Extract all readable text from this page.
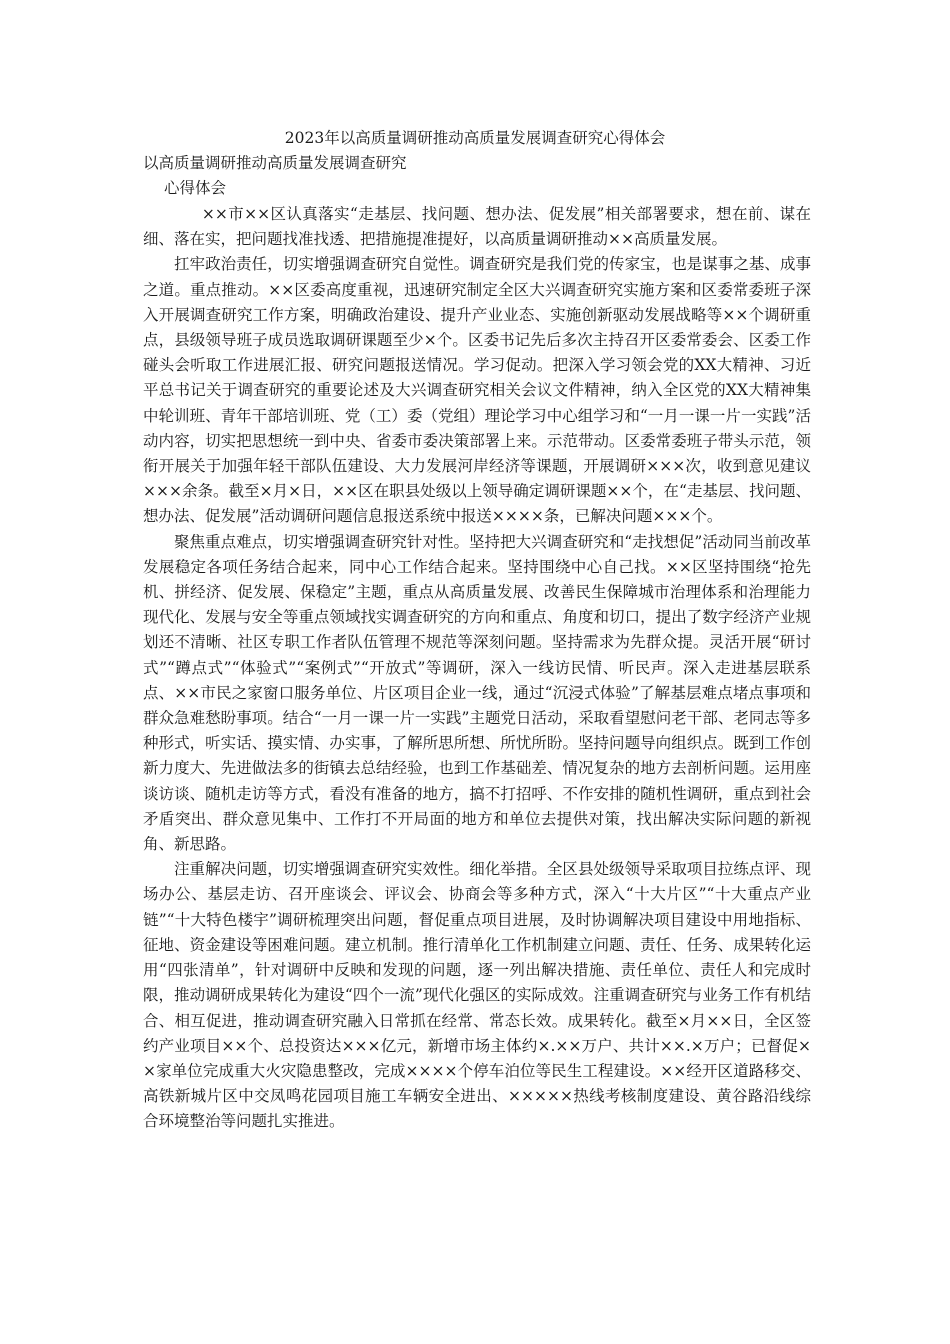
2023年以高质量调研推动高质量发展调查研究心得体会
以高质量调研推动高质量发展调查研究
心得体会

××市××区认真落实“走基层、找问题、想办法、促发展”相关部署要求，想在前、谋在细、落在实，把问题找准找透、把措施提准提好，以高质量调研推动××高质量发展。

扛牢政治责任，切实增强调查研究自觉性。调查研究是我们党的传家宝，也是谋事之基、成事之道。重点推动。××区委高度重视，迅速研究制定全区大兴调查研究实施方案和区委常委班子深入开展调查研究工作方案，明确政治建设、提升产业业态、实施创新驱动发展战略等××个调研重点，县级领导班子成员选取调研课题至少×个。区委书记先后多次主持召开区委常委会、区委工作碰头会听取工作进展汇报、研究问题报送情况。学习促动。把深入学习领会党的XX大精神、习近平总书记关于调查研究的重要论述及大兴调查研究相关会议文件精神，纳入全区党的XX大精神集中轮训班、青年干部培训班、党（工）委（党组）理论学习中心组学习和“一月一课一片一实践”活动内容，切实把思想统一到中央、省委市委决策部署上来。示范带动。区委常委班子带头示范，领衔开展关于加强年轻干部队伍建设、大力发展河岸经济等课题，开展调研×××次，收到意见建议×××余条。截至×月×日，××区在职县处级以上领导确定调研课题××个，在“走基层、找问题、想办法、促发展”活动调研问题信息报送系统中报送××××条，已解决问题×××个。

聚焦重点难点，切实增强调查研究针对性。坚持把大兴调查研究和“走找想促”活动同当前改革发展稳定各项任务结合起来，同中心工作结合起来。坚持围绕中心自己找。××区坚持围绕“抢先机、拼经济、促发展、保稳定”主题，重点从高质量发展、改善民生保障城市治理体系和治理能力现代化、发展与安全等重点领域找实调查研究的方向和重点、角度和切口，提出了数字经济产业规划还不清晰、社区专职工作者队伍管理不规范等深刻问题。坚持需求为先群众提。灵活开展“研讨式”“蹲点式”“体验式”“案例式”“开放式”等调研，深入一线访民情、听民声。深入走进基层联系点、××市民之家窗口服务单位、片区项目企业一线，通过“沉浸式体验”了解基层难点堵点事项和群众急难愁盼事项。结合“一月一课一片一实践”主题党日活动，采取看望慰问老干部、老同志等多种形式，听实话、摸实情、办实事，了解所思所想、所忧所盼。坚持问题导向组织点。既到工作创新力度大、先进做法多的街镇去总结经验，也到工作基础差、情况复杂的地方去剖析问题。运用座谈访谈、随机走访等方式，看没有准备的地方，搞不打招呼、不作安排的随机性调研，重点到社会矛盾突出、群众意见集中、工作打不开局面的地方和单位去提供对策，找出解决实际问题的新视角、新思路。

注重解决问题，切实增强调查研究实效性。细化举措。全区县处级领导采取项目拉练点评、现场办公、基层走访、召开座谈会、评议会、协商会等多种方式，深入“十大片区”“十大重点产业链”“十大特色楼宇”调研梳理突出问题，督促重点项目进展，及时协调解决项目建设中用地指标、征地、资金建设等困难问题。建立机制。推行清单化工作机制建立问题、责任、任务、成果转化运用“四张清单”，针对调研中反映和发现的问题，逐一列出解决措施、责任单位、责任人和完成时限，推动调研成果转化为建设“四个一流”现代化强区的实际成效。注重调查研究与业务工作有机结合、相互促进，推动调查研究融入日常抓在经常、常态长效。成果转化。截至×月××日，全区签约产业项目××个、总投资达×××亿元，新增市场主体约×.××万户、共计××.×万户；已督促××家单位完成重大火灾隐患整改，完成××××个停车泊位等民生工程建设。××经开区道路移交、高铁新城片区中交凤鸣花园项目施工车辆安全进出、×××××热线考核制度建设、黄谷路沿线综合环境整治等问题扎实推进。
